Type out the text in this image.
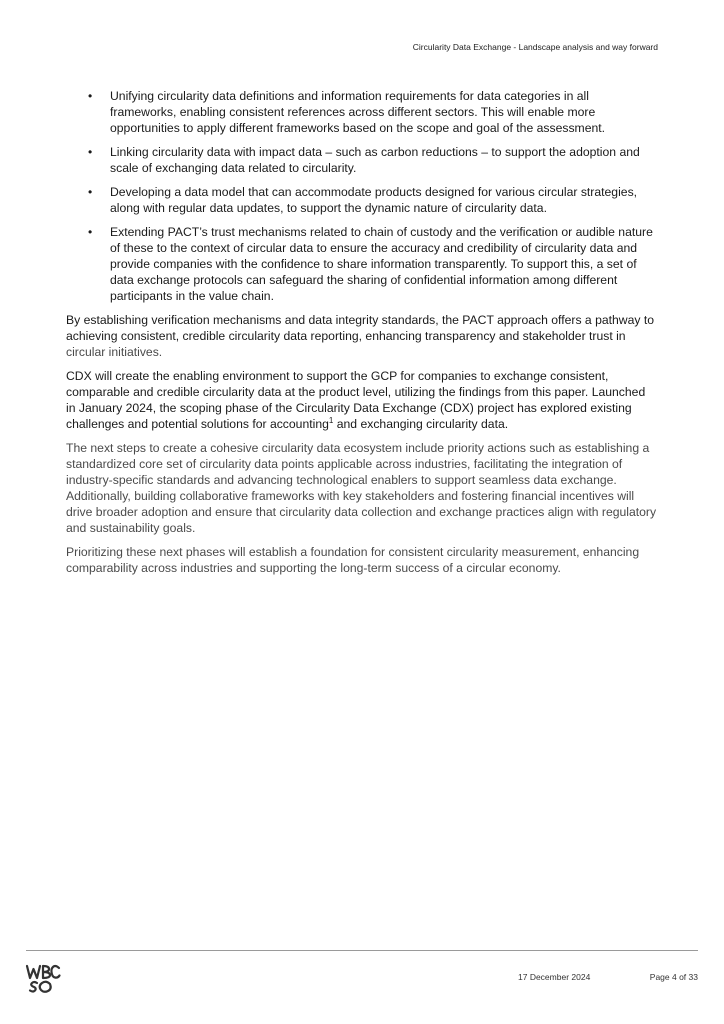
Circularity Data Exchange - Landscape analysis and way forward
• Unifying circularity data definitions and information requirements for data categories in all frameworks, enabling consistent references across different sectors. This will enable more opportunities to apply different frameworks based on the scope and goal of the assessment.
• Linking circularity data with impact data – such as carbon reductions – to support the adoption and scale of exchanging data related to circularity.
• Developing a data model that can accommodate products designed for various circular strategies, along with regular data updates, to support the dynamic nature of circularity data.
• Extending PACT’s trust mechanisms related to chain of custody and the verification or audible nature of these to the context of circular data to ensure the accuracy and credibility of circularity data and provide companies with the confidence to share information transparently. To support this, a set of data exchange protocols can safeguard the sharing of confidential information among different participants in the value chain.

By establishing verification mechanisms and data integrity standards, the PACT approach offers a pathway to achieving consistent, credible circularity data reporting, enhancing transparency and stakeholder trust in circular initiatives.

CDX will create the enabling environment to support the GCP for companies to exchange consistent, comparable and credible circularity data at the product level, utilizing the findings from this paper. Launched in January 2024, the scoping phase of the Circularity Data Exchange (CDX) project has explored existing challenges and potential solutions for accounting$^1$ and exchanging circularity data.

The next steps to create a cohesive circularity data ecosystem include priority actions such as establishing a standardized core set of circularity data points applicable across industries, facilitating the integration of industry-specific standards and advancing technological enablers to support seamless data exchange. Additionally, building collaborative frameworks with key stakeholders and fostering financial incentives will drive broader adoption and ensure that circularity data collection and exchange practices align with regulatory and sustainability goals.

Prioritizing these next phases will establish a foundation for consistent circularity measurement, enhancing comparability across industries and supporting the long-term success of a circular economy.

17 December 2024	Page 4 of 33
